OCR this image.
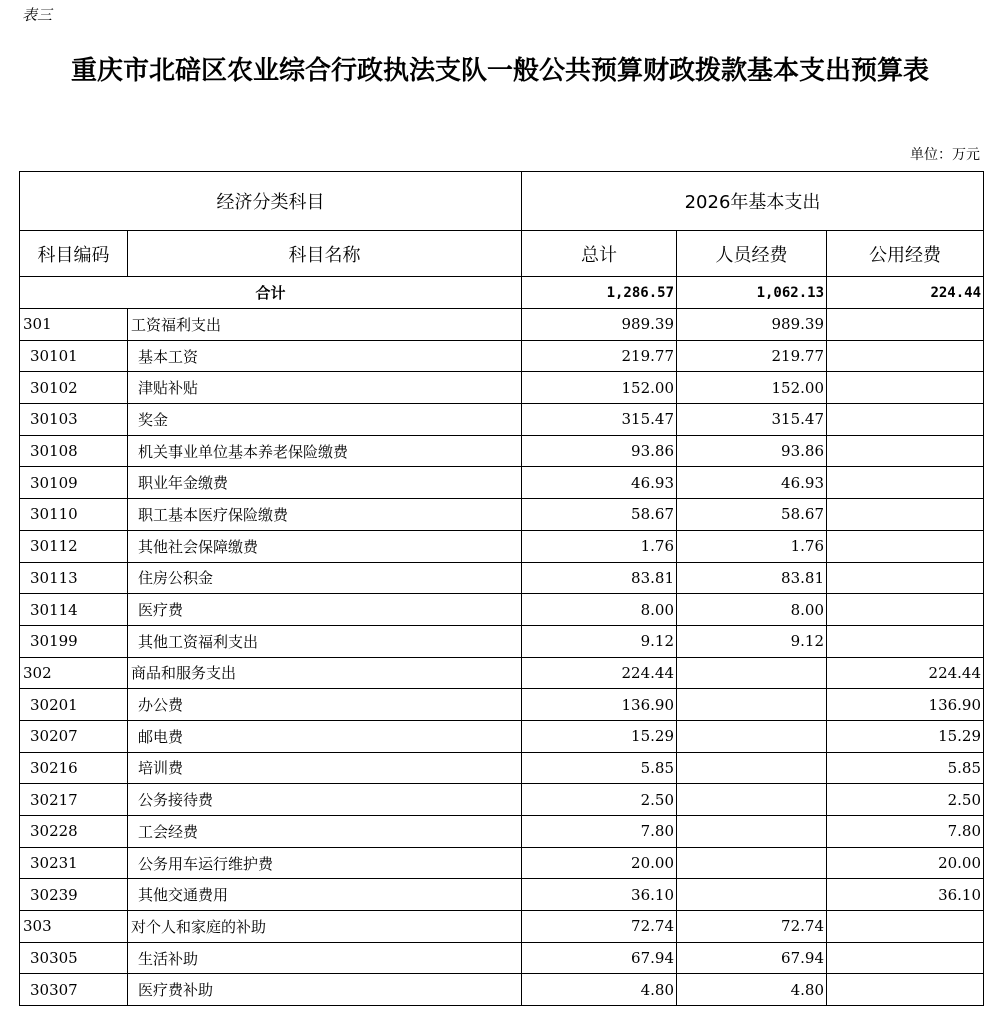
表三
重庆市北碚区农业综合行政执法支队一般公共预算财政拨款基本支出预算表
单位：万元
经济分类科目		2026年基本支出		
科目编码	科目名称	总计	人员经费	公用经费
合计		1,286.57	1,062.13	224.44
301	工资福利支出	989.39	989.39	
30101	基本工资	219.77	219.77	
30102	津贴补贴	152.00	152.00	
30103	奖金	315.47	315.47	
30108	机关事业单位基本养老保险缴费	93.86	93.86	
30109	职业年金缴费	46.93	46.93	
30110	职工基本医疗保险缴费	58.67	58.67	
30112	其他社会保障缴费	1.76	1.76	
30113	住房公积金	83.81	83.81	
30114	医疗费	8.00	8.00	
30199	其他工资福利支出	9.12	9.12	
302	商品和服务支出	224.44		224.44
30201	办公费	136.90		136.90
30207	邮电费	15.29		15.29
30216	培训费	5.85		5.85
30217	公务接待费	2.50		2.50
30228	工会经费	7.80		7.80
30231	公务用车运行维护费	20.00		20.00
30239	其他交通费用	36.10		36.10
303	对个人和家庭的补助	72.74	72.74	
30305	生活补助	67.94	67.94	
30307	医疗费补助	4.80	4.80	
